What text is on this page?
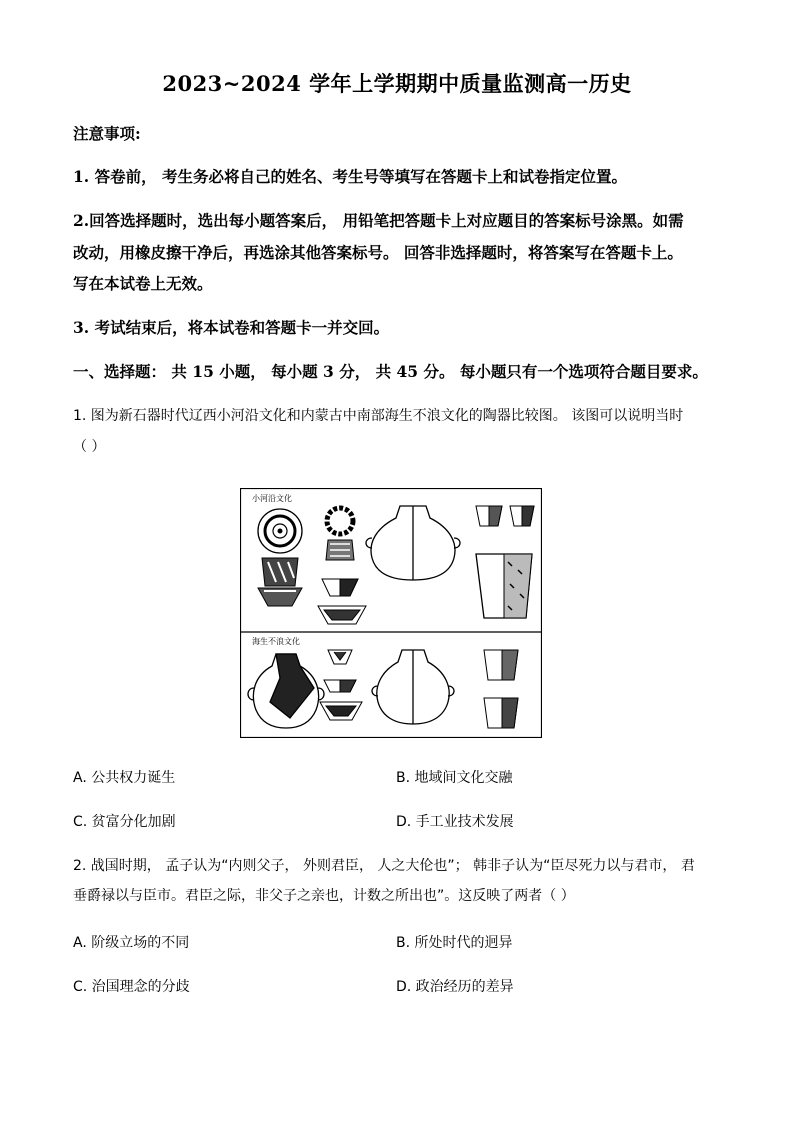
2023~2024 学年上学期期中质量监测高一历史
注意事项:
1. 答卷前， 考生务必将自己的姓名、考生号等填写在答题卡上和试卷指定位置。
2.回答选择题时，选出每小题答案后， 用铅笔把答题卡上对应题目的答案标号涂黑。如需
改动，用橡皮擦干净后，再选涂其他答案标号。 回答非选择题时，将答案写在答题卡上。
写在本试卷上无效。
3. 考试结束后，将本试卷和答题卡一并交回。
一、选择题： 共 15 小题， 每小题 3 分， 共 45 分。 每小题只有一个选项符合题目要求。
1. 图为新石器时代辽西小河沿文化和内蒙古中南部海生不浪文化的陶器比较图。 该图可以说明当时
（ ）
小河沿文化
海生不浪文化
A. 公共权力诞生	B. 地域间文化交融
C. 贫富分化加剧	D. 手工业技术发展
2. 战国时期， 孟子认为“内则父子， 外则君臣， 人之大伦也”； 韩非子认为“臣尽死力以与君市， 君
垂爵禄以与臣市。君臣之际，非父子之亲也，计数之所出也”。这反映了两者（ ）
A. 阶级立场的不同	B. 所处时代的迥异
C. 治国理念的分歧	D. 政治经历的差异
